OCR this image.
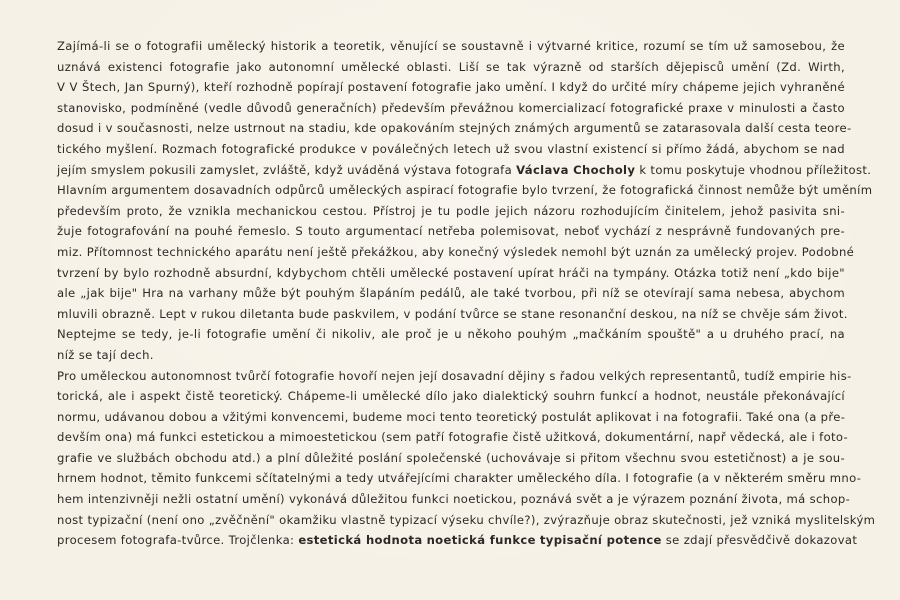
Zajímá-li se o fotografii umělecký historik a teoretik, věnující se soustavně i výtvarné kritice, rozumí se tím už samosebou, že
uznává existenci fotografie jako autonomní umělecké oblasti. Liší se tak výrazně od starších dějepisců umění (Zd. Wirth,
V V Štech, Jan Spurný), kteří rozhodně popírají postavení fotografie jako umění. I když do určité míry chápeme jejich vyhraněné
stanovisko, podmíněné (vedle důvodů generačních) především převážnou komercializací fotografické praxe v minulosti a často
dosud i v současnosti, nelze ustrnout na stadiu, kde opakováním stejných známých argumentů se zatarasovala další cesta teore-
tického myšlení. Rozmach fotografické produkce v poválečných letech už svou vlastní existencí si přímo žádá, abychom se nad
jejím smyslem pokusili zamyslet, zvláště, když uváděná výstava fotografa Václava Chocholy k tomu poskytuje vhodnou příležitost.
Hlavním argumentem dosavadních odpůrců uměleckých aspirací fotografie bylo tvrzení, že fotografická činnost nemůže být uměním
především proto, že vznikla mechanickou cestou. Přístroj je tu podle jejich názoru rozhodujícím činitelem, jehož pasivita sni-
žuje fotografování na pouhé řemeslo. S touto argumentací netřeba polemisovat, neboť vychází z nesprávně fundovaných pre-
miz. Přítomnost technického aparátu není ještě překážkou, aby konečný výsledek nemohl být uznán za umělecký projev. Podobné
tvrzení by bylo rozhodně absurdní, kdybychom chtěli umělecké postavení upírat hráči na tympány. Otázka totiž není „kdo bije"
ale „jak bije" Hra na varhany může být pouhým šlapáním pedálů, ale také tvorbou, při níž se otevírají sama nebesa, abychom
mluvili obrazně. Lept v rukou diletanta bude paskvilem, v podání tvůrce se stane resonanční deskou, na níž se chvěje sám život.
Neptejme se tedy, je-li fotografie umění či nikoliv, ale proč je u někoho pouhým „mačkáním spouště" a u druhého prací, na
níž se tají dech.
Pro uměleckou autonomnost tvůrčí fotografie hovoří nejen její dosavadní dějiny s řadou velkých representantů, tudíž empirie his-
torická, ale i aspekt čistě teoretický. Chápeme-li umělecké dílo jako dialektický souhrn funkcí a hodnot, neustále překonávající
normu, udávanou dobou a vžitými konvencemi, budeme moci tento teoretický postulát aplikovat i na fotografii. Také ona (a pře-
devším ona) má funkci estetickou a mimoestetickou (sem patří fotografie čistě užitková, dokumentární, např vědecká, ale i foto-
grafie ve službách obchodu atd.) a plní důležité poslání společenské (uchovávaje si přitom všechnu svou estetičnost) a je sou-
hrnem hodnot, těmito funkcemi sčítatelnými a tedy utvářejícími charakter uměleckého díla. I fotografie (a v některém směru mno-
hem intenzivněji nežli ostatní umění) vykonává důležitou funkci noetickou, poznává svět a je výrazem poznání života, má schop-
nost typizační (není ono „zvěčnění" okamžiku vlastně typizací výseku chvíle?), zvýrazňuje obraz skutečnosti, jež vzniká myslitelským
procesem fotografa-tvůrce. Trojčlenka: estetická hodnota noetická funkce typisační potence se zdají přesvědčivě dokazovat
